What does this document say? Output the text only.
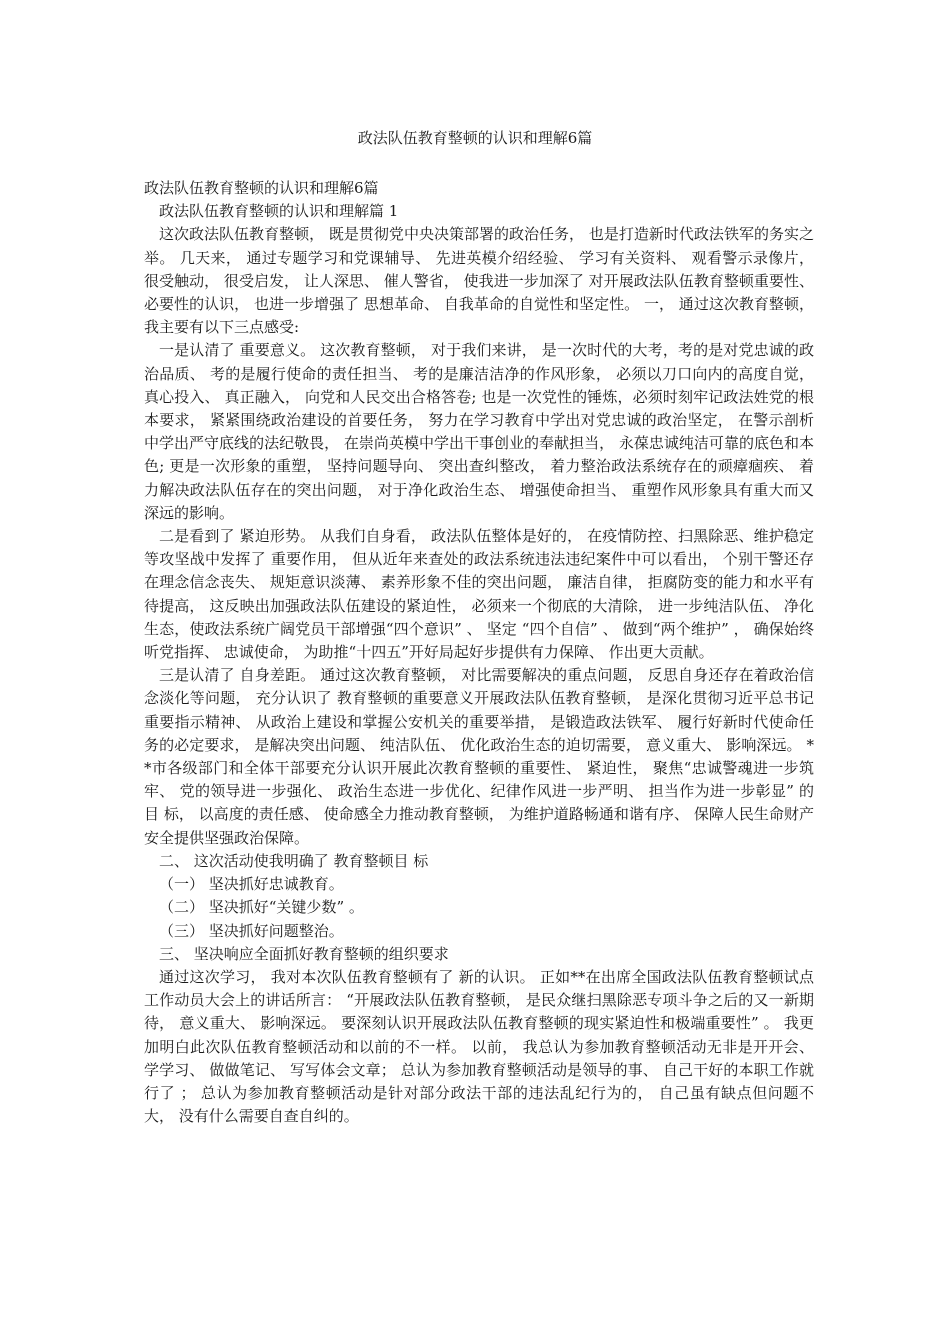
政法队伍教育整顿的认识和理解6篇

政法队伍教育整顿的认识和理解6篇

政法队伍教育整顿的认识和理解篇 1

这次政法队伍教育整顿， 既是贯彻党中央决策部署的政治任务， 也是打造新时代政法铁军的务实之举。 几天来， 通过专题学习和党课辅导、 先进英模介绍经验、 学习有关资料、 观看警示录像片， 很受触动， 很受启发， 让人深思、 催人警省， 使我进一步加深了 对开展政法队伍教育整顿重要性、 必要性的认识， 也进一步增强了 思想革命、 自我革命的自觉性和坚定性。 一， 通过这次教育整顿， 我主要有以下三点感受:

一是认清了 重要意义。 这次教育整顿， 对于我们来讲， 是一次时代的大考，考的是对党忠诚的政治品质、 考的是履行使命的责任担当、 考的是廉洁洁净的作风形象， 必须以刀口向内的高度自觉， 真心投入、 真正融入， 向党和人民交出合格答卷; 也是一次党性的锤炼，必须时刻牢记政法姓党的根本要求， 紧紧围绕政治建设的首要任务， 努力在学习教育中学出对党忠诚的政治坚定， 在警示剖析中学出严守底线的法纪敬畏， 在崇尚英模中学出干事创业的奉献担当， 永葆忠诚纯洁可靠的底色和本色; 更是一次形象的重塑， 坚持问题导向、 突出查纠整改， 着力整治政法系统存在的顽瘴痼疾、 着力解决政法队伍存在的突出问题， 对于净化政治生态、 增强使命担当、 重塑作风形象具有重大而又深远的影响。

二是看到了 紧迫形势。 从我们自身看， 政法队伍整体是好的， 在疫情防控、扫黑除恶、维护稳定等攻坚战中发挥了 重要作用， 但从近年来查处的政法系统违法违纪案件中可以看出， 个别干警还存在理念信念丧失、 规矩意识淡薄、 素养形象不佳的突出问题， 廉洁自律， 拒腐防变的能力和水平有待提高， 这反映出加强政法队伍建设的紧迫性， 必须来一个彻底的大清除， 进一步纯洁队伍、 净化生态，使政法系统广阔党员干部增强“四个意识” 、 坚定 “四个自信” 、 做到“两个维护” ， 确保始终听党指挥、 忠诚使命， 为助推“十四五”开好局起好步提供有力保障、 作出更大贡献。

三是认清了 自身差距。 通过这次教育整顿， 对比需要解决的重点问题， 反思自身还存在着政治信念淡化等问题， 充分认识了 教育整顿的重要意义开展政法队伍教育整顿， 是深化贯彻习近平总书记重要指示精神、 从政治上建设和掌握公安机关的重要举措， 是锻造政法铁军、 履行好新时代使命任务的必定要求， 是解决突出问题、 纯洁队伍、 优化政治生态的迫切需要， 意义重大、 影响深远。 **市各级部门和全体干部要充分认识开展此次教育整顿的重要性、 紧迫性， 聚焦“忠诚警魂进一步筑牢、 党的领导进一步强化、 政治生态进一步优化、纪律作风进一步严明、 担当作为进一步彰显” 的目 标， 以高度的责任感、 使命感全力推动教育整顿， 为维护道路畅通和谐有序、 保障人民生命财产安全提供坚强政治保障。

二、 这次活动使我明确了 教育整顿目 标

（一） 坚决抓好忠诚教育。

（二） 坚决抓好“关键少数” 。

（三） 坚决抓好问题整治。

三、 坚决响应全面抓好教育整顿的组织要求

通过这次学习， 我对本次队伍教育整顿有了 新的认识。 正如**在出席全国政法队伍教育整顿试点工作动员大会上的讲话所言： “开展政法队伍教育整顿， 是民众继扫黑除恶专项斗争之后的又一新期待， 意义重大、 影响深远。 要深刻认识开展政法队伍教育整顿的现实紧迫性和极端重要性” 。 我更加明白此次队伍教育整顿活动和以前的不一样。 以前， 我总认为参加教育整顿活动无非是开开会、 学学习、 做做笔记、 写写体会文章； 总认为参加教育整顿活动是领导的事、 自己干好的本职工作就行了 ； 总认为参加教育整顿活动是针对部分政法干部的违法乱纪行为的， 自己虽有缺点但问题不大， 没有什么需要自查自纠的。
